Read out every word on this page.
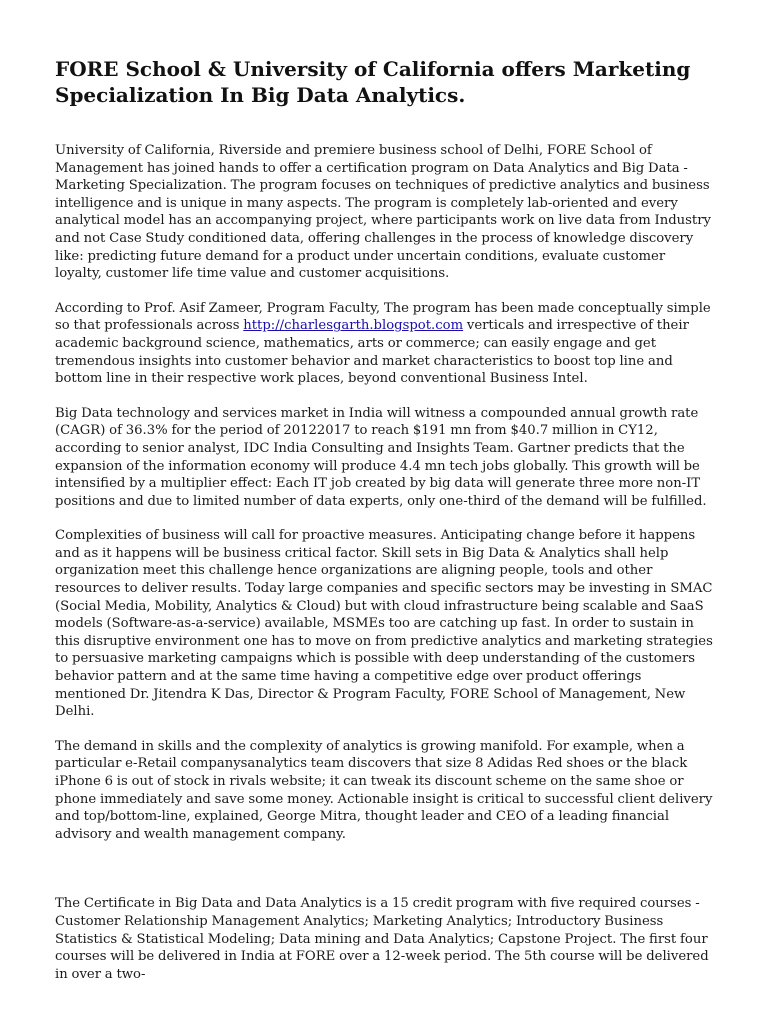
FORE School & University of California offers Marketing Specialization In Big Data Analytics.

University of California, Riverside and premiere business school of Delhi, FORE School of Management has joined hands to offer a certification program on Data Analytics and Big Data - Marketing Specialization. The program focuses on techniques of predictive analytics and business intelligence and is unique in many aspects. The program is completely lab-oriented and every analytical model has an accompanying project, where participants work on live data from Industry and not Case Study conditioned data, offering challenges in the process of knowledge discovery like: predicting future demand for a product under uncertain conditions, evaluate customer loyalty, customer life time value and customer acquisitions.

According to Prof. Asif Zameer, Program Faculty, The program has been made conceptually simple so that professionals across http://charlesgarth.blogspot.com verticals and irrespective of their academic background science, mathematics, arts or commerce; can easily engage and get tremendous insights into customer behavior and market characteristics to boost top line and bottom line in their respective work places, beyond conventional Business Intel.

Big Data technology and services market in India will witness a compounded annual growth rate (CAGR) of 36.3% for the period of 20122017 to reach $191 mn from $40.7 million in CY12, according to senior analyst, IDC India Consulting and Insights Team. Gartner predicts that the expansion of the information economy will produce 4.4 mn tech jobs globally. This growth will be intensified by a multiplier effect: Each IT job created by big data will generate three more non-IT positions and due to limited number of data experts, only one-third of the demand will be fulfilled.

Complexities of business will call for proactive measures. Anticipating change before it happens and as it happens will be business critical factor. Skill sets in Big Data & Analytics shall help organization meet this challenge hence organizations are aligning people, tools and other resources to deliver results. Today large companies and specific sectors may be investing in SMAC (Social Media, Mobility, Analytics & Cloud) but with cloud infrastructure being scalable and SaaS models (Software-as-a-service) available, MSMEs too are catching up fast. In order to sustain in this disruptive environment one has to move on from predictive analytics and marketing strategies to persuasive marketing campaigns which is possible with deep understanding of the customers behavior pattern and at the same time having a competitive edge over product offerings mentioned Dr. Jitendra K Das, Director & Program Faculty, FORE School of Management, New Delhi.

The demand in skills and the complexity of analytics is growing manifold. For example, when a particular e-Retail companysanalytics team discovers that size 8 Adidas Red shoes or the black iPhone 6 is out of stock in rivals website; it can tweak its discount scheme on the same shoe or phone immediately and save some money. Actionable insight is critical to successful client delivery and top/bottom-line, explained, George Mitra, thought leader and CEO of a leading financial advisory and wealth management company.

The Certificate in Big Data and Data Analytics is a 15 credit program with five required courses - Customer Relationship Management Analytics; Marketing Analytics; Introductory Business Statistics & Statistical Modeling; Data mining and Data Analytics; Capstone Project. The first four courses will be delivered in India at FORE over a 12-week period. The 5th course will be delivered in over a two-
